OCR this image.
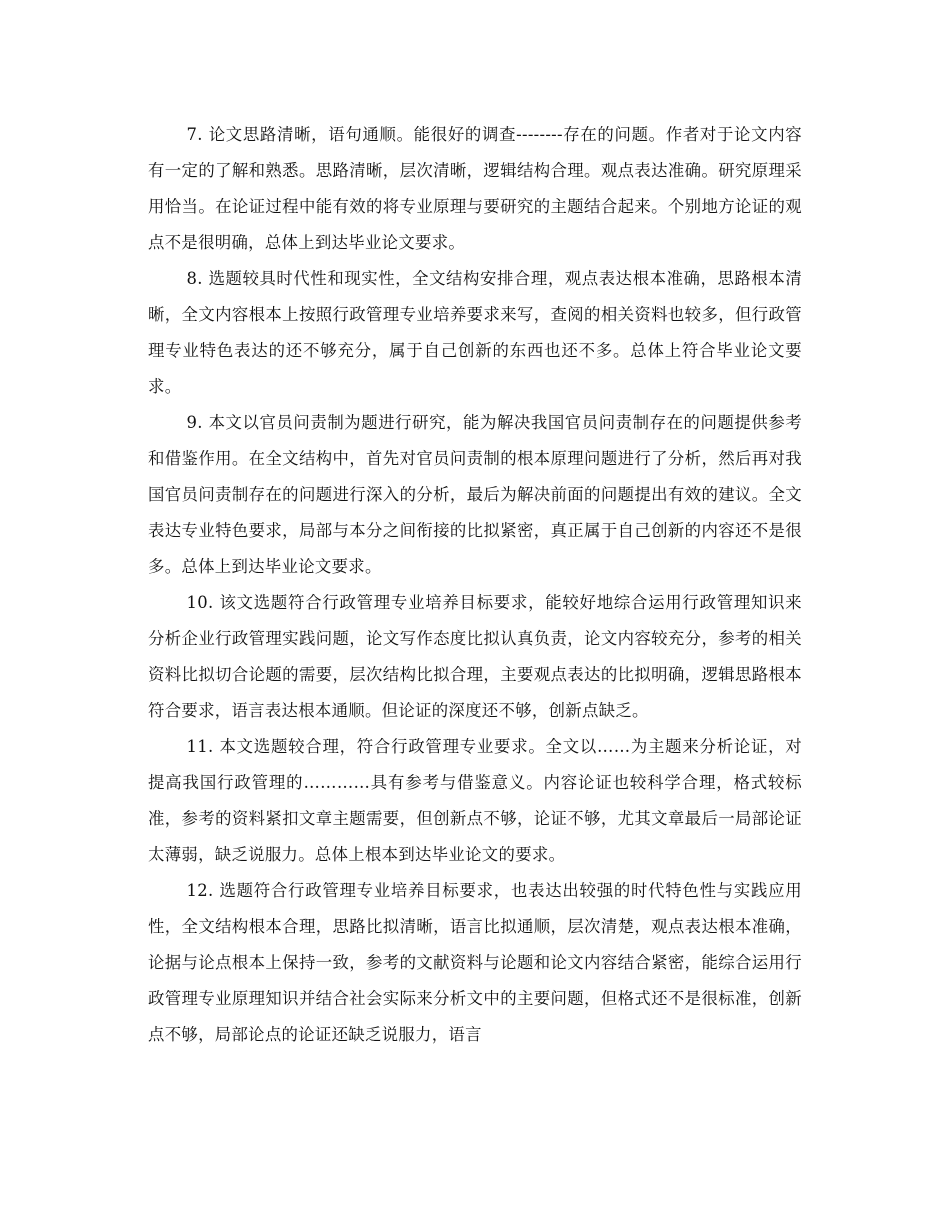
7. 论文思路清晰，语句通顺。能很好的调查--------存在的问题。作者对于论文内容有一定的了解和熟悉。思路清晰，层次清晰，逻辑结构合理。观点表达准确。研究原理采用恰当。在论证过程中能有效的将专业原理与要研究的主题结合起来。个别地方论证的观点不是很明确，总体上到达毕业论文要求。

8. 选题较具时代性和现实性，全文结构安排合理，观点表达根本准确，思路根本清晰，全文内容根本上按照行政管理专业培养要求来写，查阅的相关资料也较多，但行政管理专业特色表达的还不够充分，属于自己创新的东西也还不多。总体上符合毕业论文要求。

9. 本文以官员问责制为题进行研究，能为解决我国官员问责制存在的问题提供参考和借鉴作用。在全文结构中，首先对官员问责制的根本原理问题进行了分析，然后再对我国官员问责制存在的问题进行深入的分析，最后为解决前面的问题提出有效的建议。全文表达专业特色要求，局部与本分之间衔接的比拟紧密，真正属于自己创新的内容还不是很多。总体上到达毕业论文要求。

10. 该文选题符合行政管理专业培养目标要求，能较好地综合运用行政管理知识来分析企业行政管理实践问题，论文写作态度比拟认真负责，论文内容较充分，参考的相关资料比拟切合论题的需要，层次结构比拟合理，主要观点表达的比拟明确，逻辑思路根本符合要求，语言表达根本通顺。但论证的深度还不够，创新点缺乏。

11. 本文选题较合理，符合行政管理专业要求。全文以……为主题来分析论证，对提高我国行政管理的…………具有参考与借鉴意义。内容论证也较科学合理，格式较标准，参考的资料紧扣文章主题需要，但创新点不够，论证不够，尤其文章最后一局部论证太薄弱，缺乏说服力。总体上根本到达毕业论文的要求。

12. 选题符合行政管理专业培养目标要求，也表达出较强的时代特色性与实践应用性，全文结构根本合理，思路比拟清晰，语言比拟通顺，层次清楚，观点表达根本准确，论据与论点根本上保持一致，参考的文献资料与论题和论文内容结合紧密，能综合运用行政管理专业原理知识并结合社会实际来分析文中的主要问题，但格式还不是很标准，创新点不够，局部论点的论证还缺乏说服力，语言
